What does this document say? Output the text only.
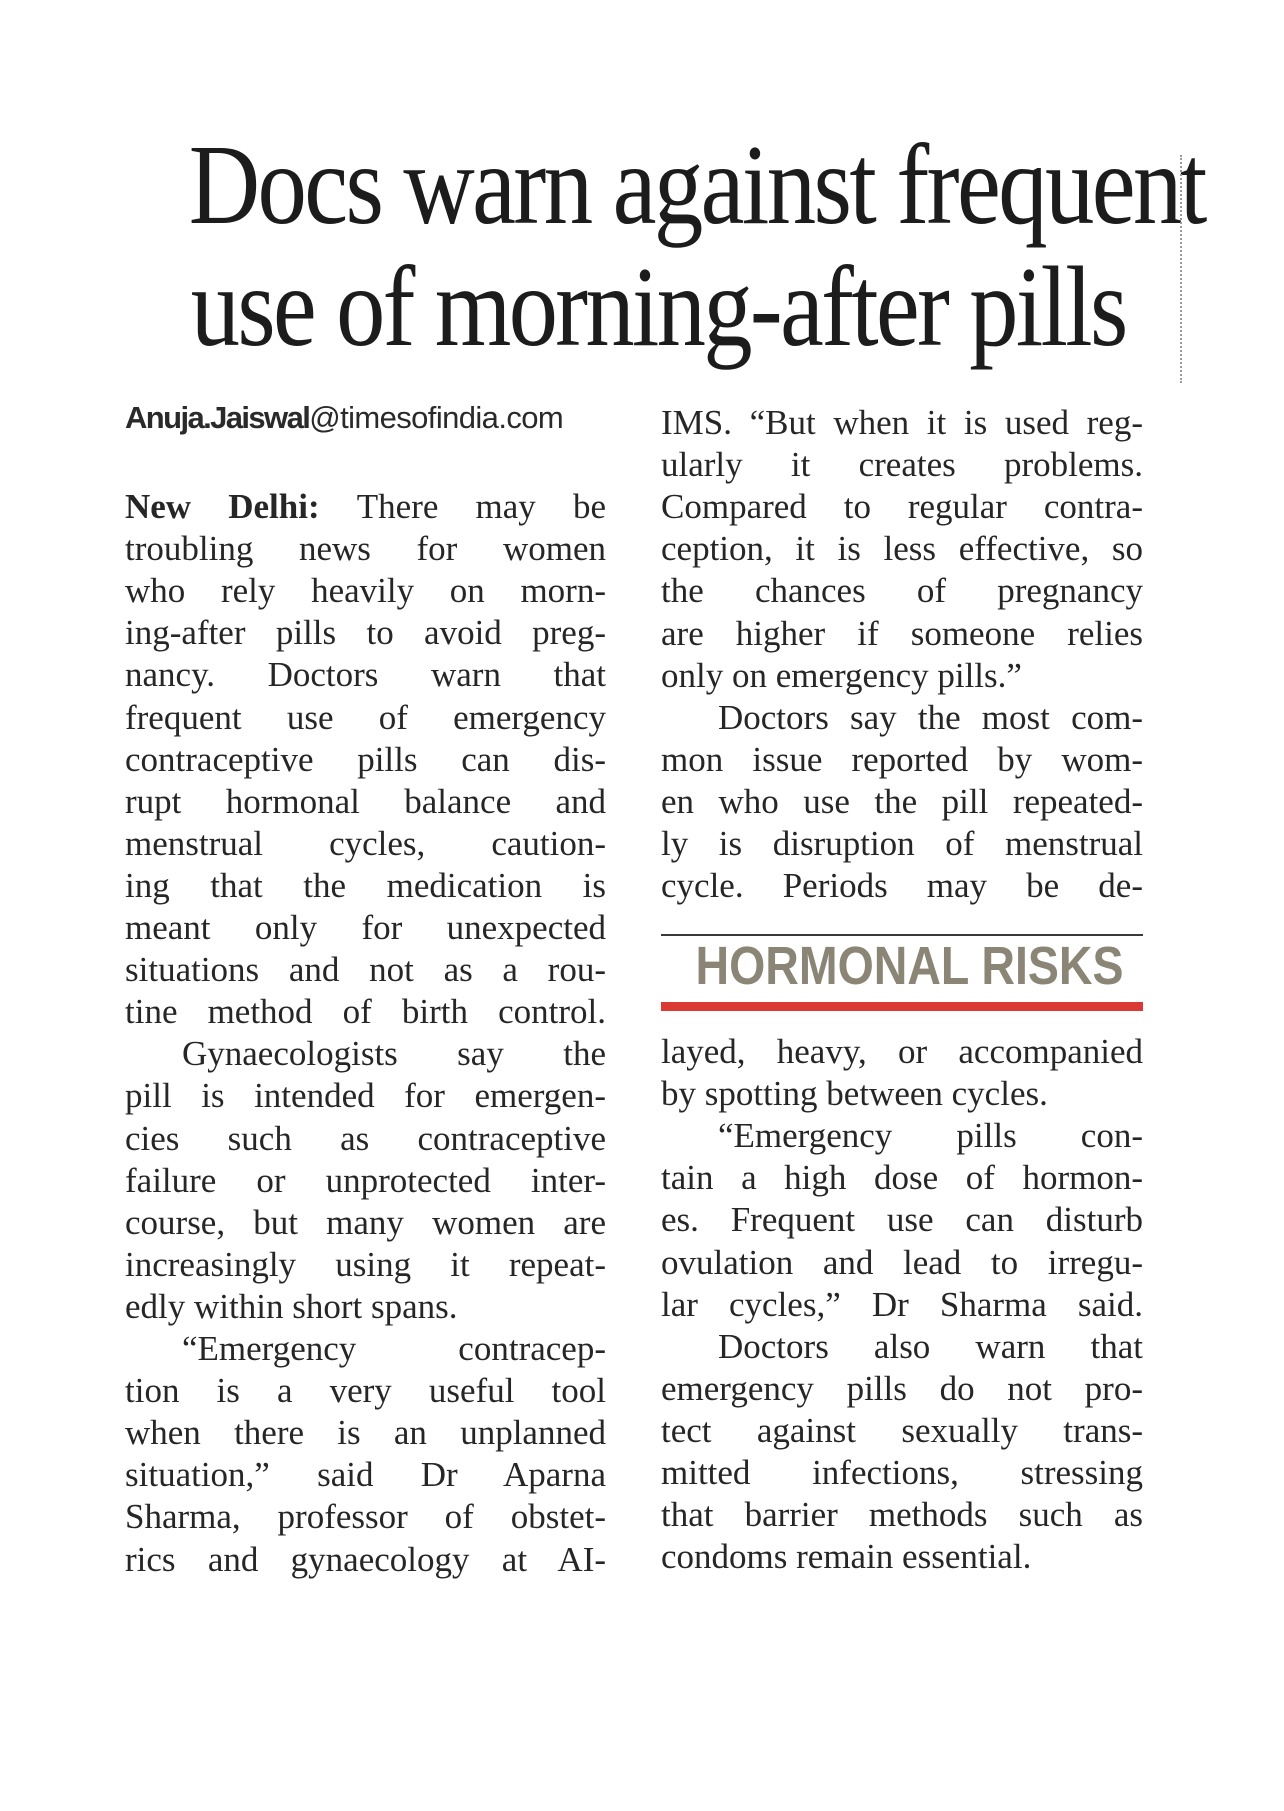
Docs warn against frequent
use of morning-after pills
Anuja.Jaiswal@timesofindia.com
New Delhi: There may be
troubling news for women
who rely heavily on morn-
ing-after pills to avoid preg-
nancy. Doctors warn that
frequent use of emergency
contraceptive pills can dis-
rupt hormonal balance and
menstrual cycles, caution-
ing that the medication is
meant only for unexpected
situations and not as a rou-
tine method of birth control.
Gynaecologists say the
pill is intended for emergen-
cies such as contraceptive
failure or unprotected inter-
course, but many women are
increasingly using it repeat-
edly within short spans.
“Emergency contracep-
tion is a very useful tool
when there is an unplanned
situation,” said Dr Aparna
Sharma, professor of obstet-
rics and gynaecology at AI-
IMS. “But when it is used reg-
ularly it creates problems.
Compared to regular contra-
ception, it is less effective, so
the chances of pregnancy
are higher if someone relies
only on emergency pills.”
Doctors say the most com-
mon issue reported by wom-
en who use the pill repeated-
ly is disruption of menstrual
cycle. Periods may be de-
HORMONAL RISKS
layed, heavy, or accompanied
by spotting between cycles.
“Emergency pills con-
tain a high dose of hormon-
es. Frequent use can disturb
ovulation and lead to irregu-
lar cycles,” Dr Sharma said.
Doctors also warn that
emergency pills do not pro-
tect against sexually trans-
mitted infections, stressing
that barrier methods such as
condoms remain essential.
